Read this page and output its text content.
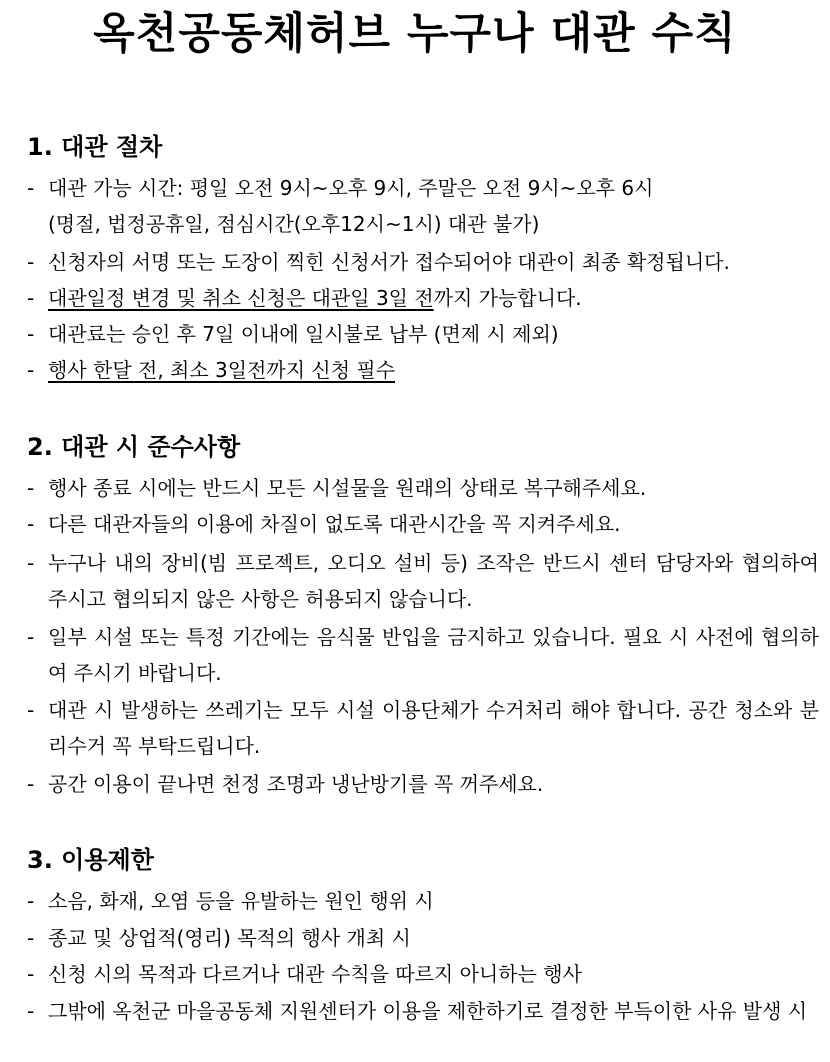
옥천공동체허브 누구나 대관 수칙
1. 대관 절차
- 대관 가능 시간: 평일 오전 9시~오후 9시, 주말은 오전 9시~오후 6시
(명절, 법정공휴일, 점심시간(오후12시~1시) 대관 불가)
- 신청자의 서명 또는 도장이 찍힌 신청서가 접수되어야 대관이 최종 확정됩니다.
- 대관일정 변경 및 취소 신청은 대관일 3일 전까지 가능합니다.
- 대관료는 승인 후 7일 이내에 일시불로 납부 (면제 시 제외)
- 행사 한달 전, 최소 3일전까지 신청 필수
2. 대관 시 준수사항
- 행사 종료 시에는 반드시 모든 시설물을 원래의 상태로 복구해주세요.
- 다른 대관자들의 이용에 차질이 없도록 대관시간을 꼭 지켜주세요.
- 누구나 내의 장비(빔 프로젝트, 오디오 설비 등) 조작은 반드시 센터 담당자와 협의하여 주시고 협의되지 않은 사항은 허용되지 않습니다.
- 일부 시설 또는 특정 기간에는 음식물 반입을 금지하고 있습니다. 필요 시 사전에 협의하여 주시기 바랍니다.
- 대관 시 발생하는 쓰레기는 모두 시설 이용단체가 수거처리 해야 합니다. 공간 청소와 분리수거 꼭 부탁드립니다.
- 공간 이용이 끝나면 천정 조명과 냉난방기를 꼭 꺼주세요.
3. 이용제한
- 소음, 화재, 오염 등을 유발하는 원인 행위 시
- 종교 및 상업적(영리) 목적의 행사 개최 시
- 신청 시의 목적과 다르거나 대관 수칙을 따르지 아니하는 행사
- 그밖에 옥천군 마을공동체 지원센터가 이용을 제한하기로 결정한 부득이한 사유 발생 시
